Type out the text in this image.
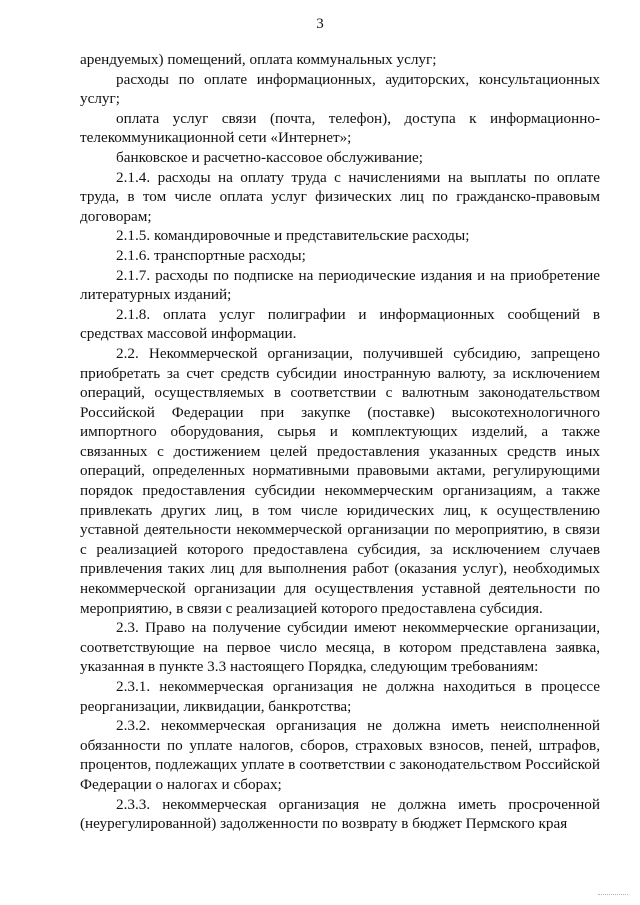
3

арендуемых) помещений, оплата коммунальных услуг;

расходы по оплате информационных, аудиторских, консультационных услуг;

оплата услуг связи (почта, телефон), доступа к информационно-телекоммуникационной сети «Интернет»;

банковское и расчетно-кассовое обслуживание;

2.1.4. расходы на оплату труда с начислениями на выплаты по оплате труда, в том числе оплата услуг физических лиц по гражданско-правовым договорам;

2.1.5. командировочные и представительские расходы;

2.1.6. транспортные расходы;

2.1.7. расходы по подписке на периодические издания и на приобретение литературных изданий;

2.1.8. оплата услуг полиграфии и информационных сообщений в средствах массовой информации.

2.2. Некоммерческой организации, получившей субсидию, запрещено приобретать за счет средств субсидии иностранную валюту, за исключением операций, осуществляемых в соответствии с валютным законодательством Российской Федерации при закупке (поставке) высокотехнологичного импортного оборудования, сырья и комплектующих изделий, а также связанных с достижением целей предоставления указанных средств иных операций, определенных нормативными правовыми актами, регулирующими порядок предоставления субсидии некоммерческим организациям, а также привлекать других лиц, в том числе юридических лиц, к осуществлению уставной деятельности некоммерческой организации по мероприятию, в связи с реализацией которого предоставлена субсидия, за исключением случаев привлечения таких лиц для выполнения работ (оказания услуг), необходимых некоммерческой организации для осуществления уставной деятельности по мероприятию, в связи с реализацией которого предоставлена субсидия.

2.3. Право на получение субсидии имеют некоммерческие организации, соответствующие на первое число месяца, в котором представлена заявка, указанная в пункте 3.3 настоящего Порядка, следующим требованиям:

2.3.1. некоммерческая организация не должна находиться в процессе реорганизации, ликвидации, банкротства;

2.3.2. некоммерческая организация не должна иметь неисполненной обязанности по уплате налогов, сборов, страховых взносов, пеней, штрафов, процентов, подлежащих уплате в соответствии с законодательством Российской Федерации о налогах и сборах;

2.3.3. некоммерческая организация не должна иметь просроченной (неурегулированной) задолженности по возврату в бюджет Пермского края
